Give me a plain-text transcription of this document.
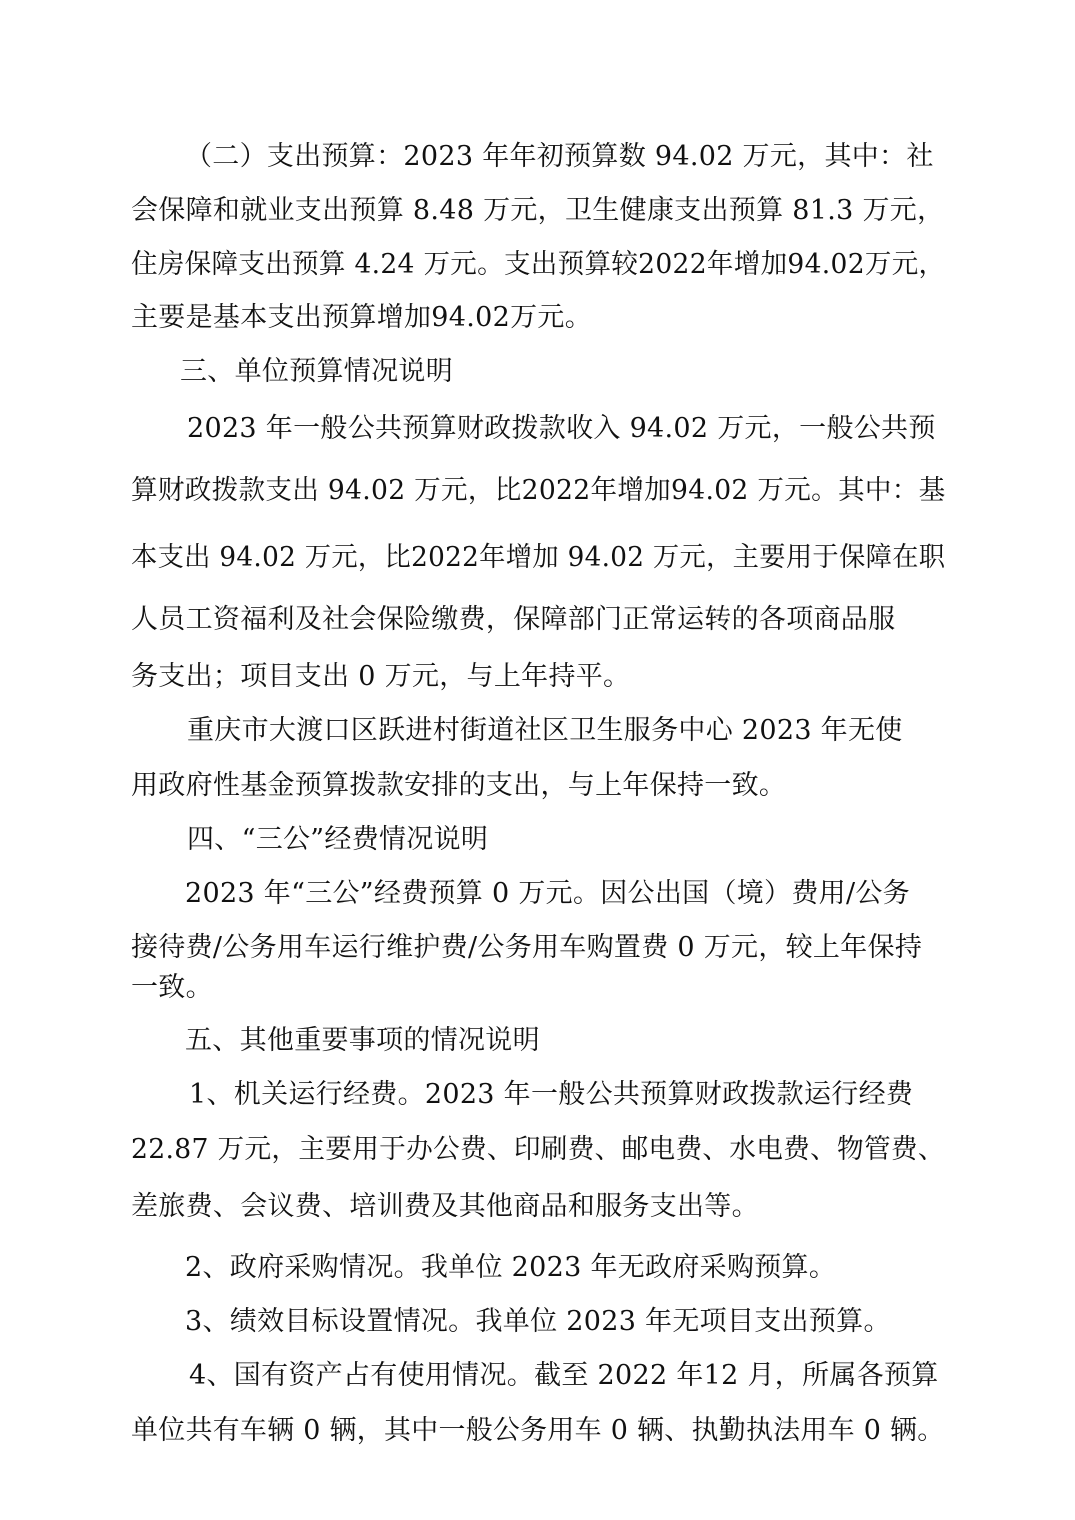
（二）支出预算：2023 年年初预算数 94.02 万元，其中：社

会保障和就业支出预算 8.48 万元，卫生健康支出预算 81.3 万元，

住房保障支出预算 4.24 万元。支出预算较2022年增加94.02万元，

主要是基本支出预算增加94.02万元。

三、单位预算情况说明

2023 年一般公共预算财政拨款收入 94.02 万元，一般公共预

算财政拨款支出 94.02 万元，比2022年增加94.02 万元。其中：基

本支出 94.02 万元，比2022年增加 94.02 万元，主要用于保障在职

人员工资福利及社会保险缴费，保障部门正常运转的各项商品服

务支出；项目支出 0 万元，与上年持平。

重庆市大渡口区跃进村街道社区卫生服务中心 2023 年无使

用政府性基金预算拨款安排的支出，与上年保持一致。

四、“三公”经费情况说明

2023 年“三公”经费预算 0 万元。因公出国（境）费用/公务

接待费/公务用车运行维护费/公务用车购置费 0 万元，较上年保持

一致。

五、其他重要事项的情况说明

1、机关运行经费。2023 年一般公共预算财政拨款运行经费

22.87 万元，主要用于办公费、印刷费、邮电费、水电费、物管费、

差旅费、会议费、培训费及其他商品和服务支出等。

2、政府采购情况。我单位 2023 年无政府采购预算。

3、绩效目标设置情况。我单位 2023 年无项目支出预算。

4、国有资产占有使用情况。截至 2022 年12 月，所属各预算

单位共有车辆 0 辆，其中一般公务用车 0 辆、执勤执法用车 0 辆。
